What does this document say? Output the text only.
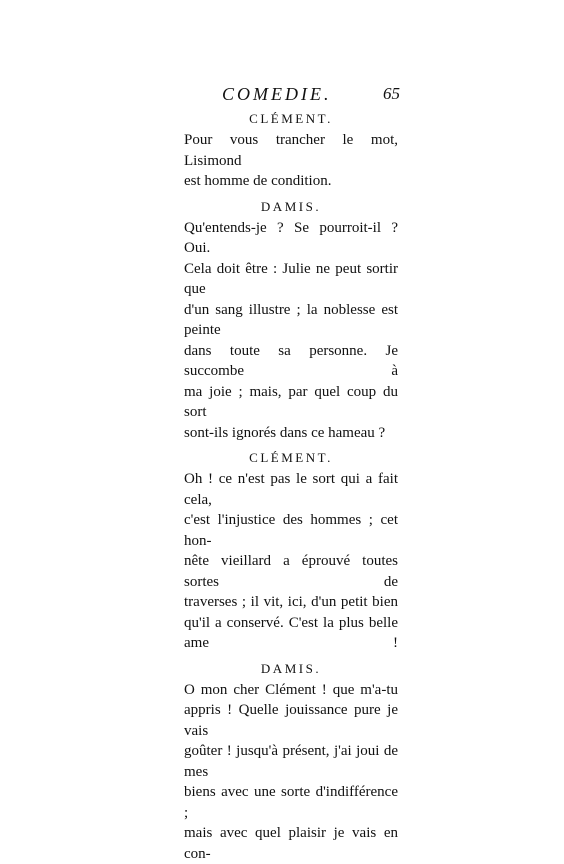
COMEDIE.	65

CLÉMENT.

Pour vous trancher le mot, Lisimond

est homme de condition.

DAMIS.

Qu'entends-je ? Se pourroit-il ? Oui.

Cela doit être : Julie ne peut sortir que

d'un sang illustre ; la noblesse est peinte

dans toute sa personne. Je succombe à

ma joie ; mais, par quel coup du sort

sont-ils ignorés dans ce hameau ?

CLÉMENT.

Oh ! ce n'est pas le sort qui a fait cela,

c'est l'injustice des hommes ; cet hon-

nête vieillard a éprouvé toutes sortes de

traverses ; il vit, ici, d'un petit bien

qu'il a conservé. C'est la plus belle ame !

DAMIS.

O mon cher Clément ! que m'a-tu

appris ! Quelle jouissance pure je vais

goûter ! jusqu'à présent, j'ai joui de mes

biens avec une sorte d'indifférence ;

mais avec quel plaisir je vais en con-
